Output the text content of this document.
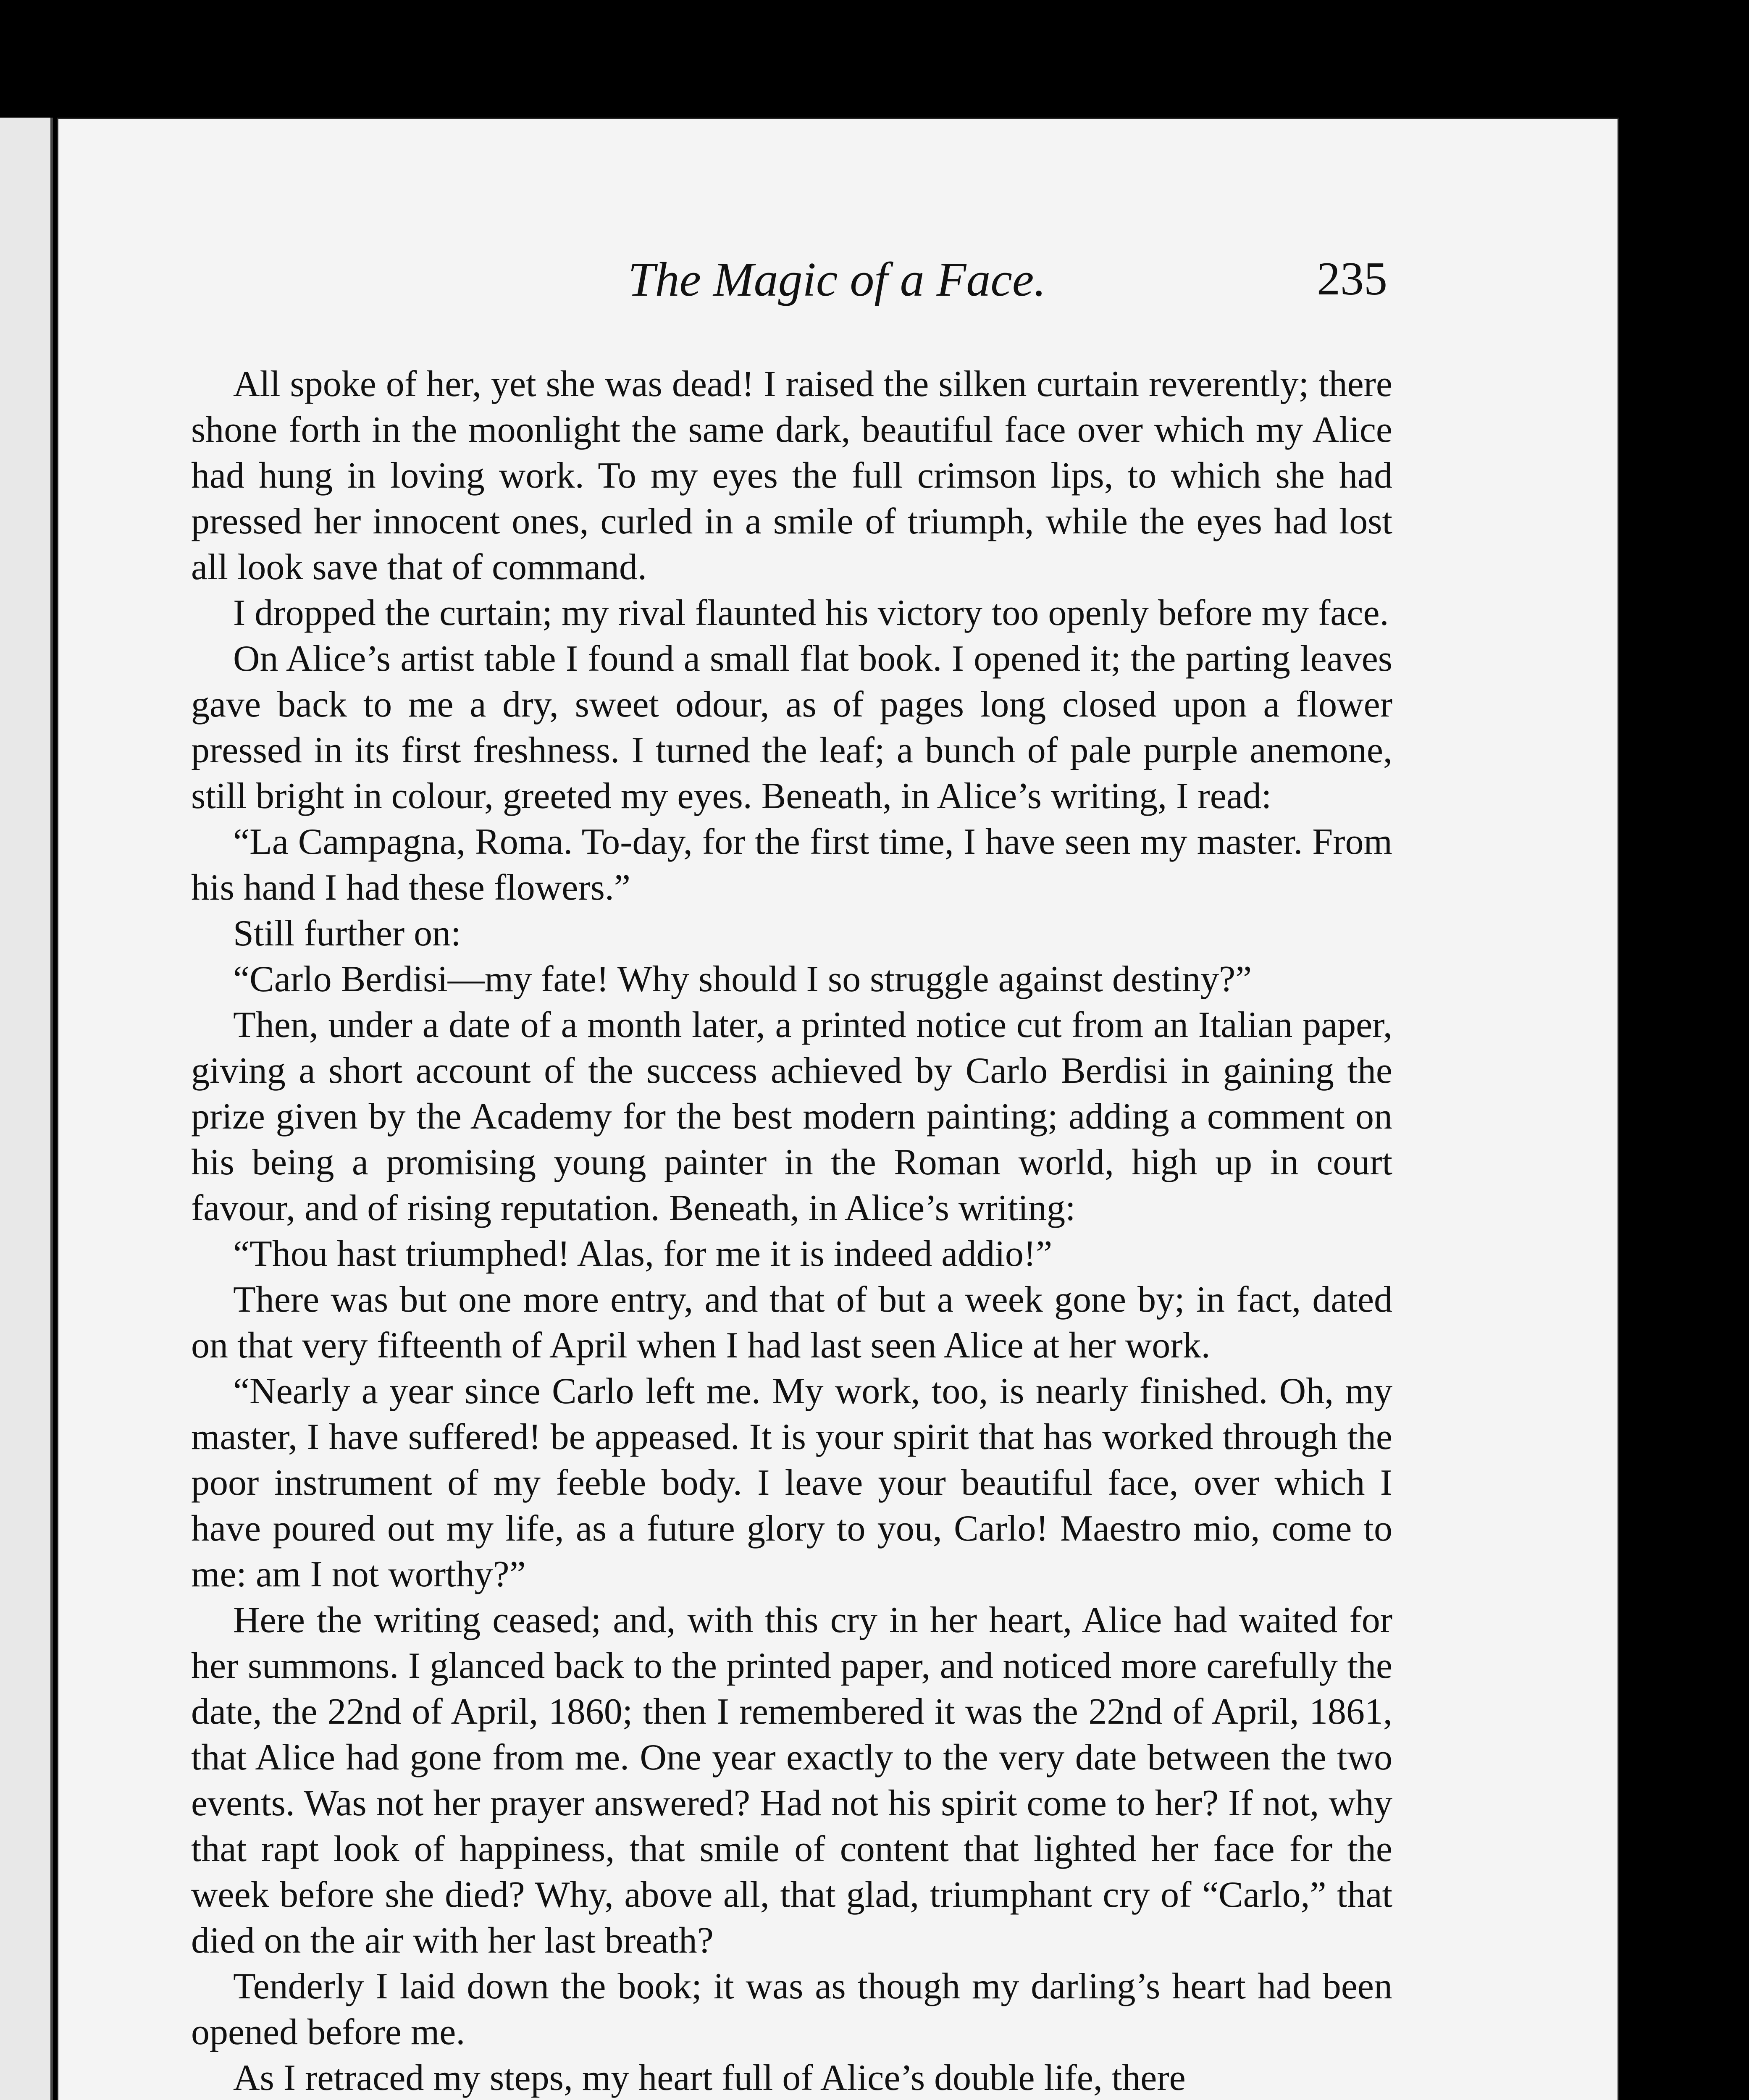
The Magic of a Face.	235

All spoke of her, yet she was dead! I raised the silken curtain reverently; there shone forth in the moonlight the same dark, beautiful face over which my Alice had hung in loving work. To my eyes the full crimson lips, to which she had pressed her innocent ones, curled in a smile of triumph, while the eyes had lost all look save that of command.

I dropped the curtain; my rival flaunted his victory too openly before my face.

On Alice’s artist table I found a small flat book. I opened it; the parting leaves gave back to me a dry, sweet odour, as of pages long closed upon a flower pressed in its first freshness. I turned the leaf; a bunch of pale purple anemone, still bright in colour, greeted my eyes. Beneath, in Alice’s writing, I read:

“La Campagna, Roma. To-day, for the first time, I have seen my master. From his hand I had these flowers.”

Still further on:

“Carlo Berdisi—my fate! Why should I so struggle against destiny?”

Then, under a date of a month later, a printed notice cut from an Italian paper, giving a short account of the success achieved by Carlo Berdisi in gaining the prize given by the Academy for the best modern painting; adding a comment on his being a promising young painter in the Roman world, high up in court favour, and of rising reputation. Beneath, in Alice’s writing:

“Thou hast triumphed! Alas, for me it is indeed addio!”

There was but one more entry, and that of but a week gone by; in fact, dated on that very fifteenth of April when I had last seen Alice at her work.

“Nearly a year since Carlo left me. My work, too, is nearly finished. Oh, my master, I have suffered! be appeased. It is your spirit that has worked through the poor instrument of my feeble body. I leave your beautiful face, over which I have poured out my life, as a future glory to you, Carlo! Maestro mio, come to me: am I not worthy?”

Here the writing ceased; and, with this cry in her heart, Alice had waited for her summons. I glanced back to the printed paper, and noticed more carefully the date, the 22nd of April, 1860; then I remembered it was the 22nd of April, 1861, that Alice had gone from me. One year exactly to the very date between the two events. Was not her prayer answered? Had not his spirit come to her? If not, why that rapt look of happiness, that smile of content that lighted her face for the week before she died? Why, above all, that glad, triumphant cry of “Carlo,” that died on the air with her last breath?

Tenderly I laid down the book; it was as though my darling’s heart had been opened before me.

As I retraced my steps, my heart full of Alice’s double life, there
